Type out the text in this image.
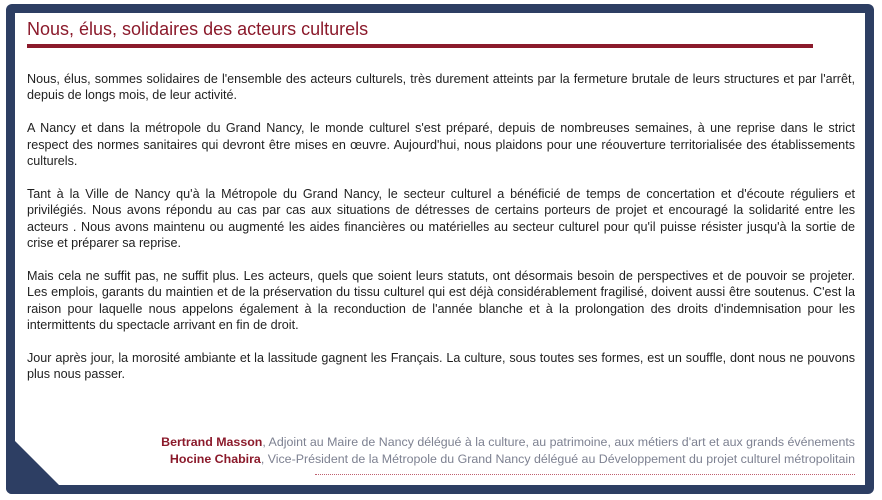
Nous, élus, solidaires des acteurs culturels

Nous, élus, sommes solidaires de l'ensemble des acteurs culturels, très durement atteints par la fermeture brutale de leurs structures et par l'arrêt, depuis de longs mois, de leur activité.

A Nancy et dans la métropole du Grand Nancy, le monde culturel s'est préparé, depuis de nombreuses semaines, à une reprise dans le strict respect des normes sanitaires qui devront être mises en œuvre. Aujourd'hui, nous plaidons pour une réouverture territorialisée des établissements culturels.

Tant à la Ville de Nancy qu'à la Métropole du Grand Nancy, le secteur culturel a bénéficié de temps de concertation et d'écoute réguliers et privilégiés. Nous avons répondu au cas par cas aux situations de détresses de certains porteurs de projet et encouragé la solidarité entre les acteurs . Nous avons maintenu ou augmenté les aides financières ou matérielles au secteur culturel pour qu'il puisse résister jusqu'à la sortie de crise et préparer sa reprise.

Mais cela ne suffit pas, ne suffit plus. Les acteurs, quels que soient leurs statuts, ont désormais besoin de perspectives et de pouvoir se projeter. Les emplois, garants du maintien et de la préservation du tissu culturel qui est déjà considérablement fragilisé, doivent aussi être soutenus. C'est la raison pour laquelle nous appelons également à la reconduction de l'année blanche et à la prolongation des droits d'indemnisation pour les intermittents du spectacle arrivant en fin de droit.

Jour après jour, la morosité ambiante et la lassitude gagnent les Français. La culture, sous toutes ses formes, est un souffle, dont nous ne pouvons plus nous passer.

Bertrand Masson, Adjoint au Maire de Nancy délégué à la culture, au patrimoine, aux métiers d'art et aux grands événements
Hocine Chabira, Vice-Président de la Métropole du Grand Nancy délégué au Développement du projet culturel métropolitain
